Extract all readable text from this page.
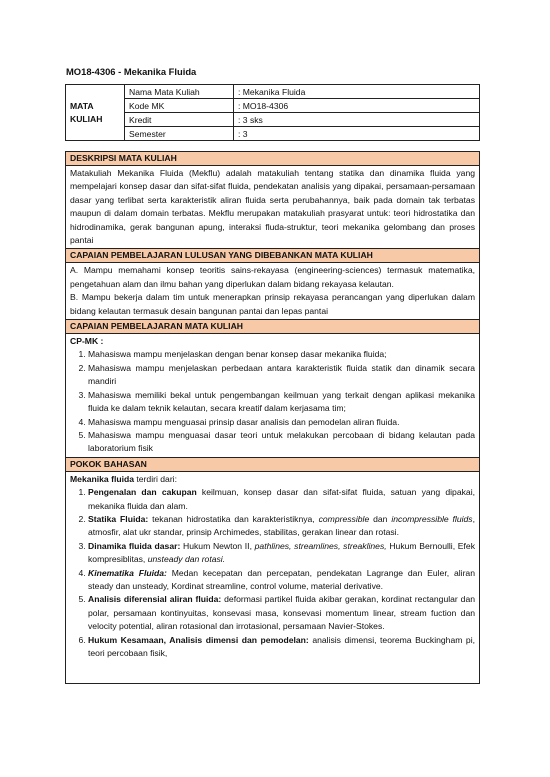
MO18-4306 - Mekanika Fluida
MATA
KULIAH	Nama Mata Kuliah	: Mekanika Fluida
	Kode MK	: MO18-4306
	Kredit	: 3 sks
	Semester	: 3
DESKRIPSI MATA KULIAH

Matakuliah Mekanika Fluida (Mekflu) adalah matakuliah tentang statika dan dinamika fluida yang mempelajari konsep dasar dan sifat-sifat fluida, pendekatan analisis yang dipakai, persamaan-persamaan dasar yang terlibat serta karakteristik aliran fluida serta perubahannya, baik pada domain tak terbatas maupun di dalam domain terbatas. Mekflu merupakan matakuliah prasyarat untuk: teori hidrostatika dan hidrodinamika, gerak bangunan apung, interaksi fluda-struktur, teori mekanika gelombang dan proses pantai

CAPAIAN PEMBELAJARAN LULUSAN YANG DIBEBANKAN MATA KULIAH

A. Mampu memahami konsep teoritis sains-rekayasa (engineering-sciences) termasuk matematika, pengetahuan alam dan ilmu bahan yang diperlukan dalam bidang rekayasa kelautan.

B. Mampu bekerja dalam tim untuk menerapkan prinsip rekayasa perancangan yang diperlukan dalam bidang kelautan termasuk desain bangunan pantai dan lepas pantai

CAPAIAN PEMBELAJARAN MATA KULIAH

CP-MK :

1. Mahasiswa mampu menjelaskan dengan benar konsep dasar mekanika fluida;
2. Mahasiswa mampu menjelaskan perbedaan antara karakteristik fluida statik dan dinamik secara mandiri
3. Mahasiswa memiliki bekal untuk pengembangan keilmuan yang terkait dengan aplikasi mekanika fluida ke dalam teknik kelautan, secara kreatif dalam kerjasama tim;
4. Mahasiswa mampu menguasai prinsip dasar analisis dan pemodelan aliran fluida.
5. Mahasiswa mampu menguasai dasar teori untuk melakukan percobaan di bidang kelautan pada laboratorium fisik
POKOK BAHASAN

Mekanika fluida terdiri dari:

1. Pengenalan dan cakupan keilmuan, konsep dasar dan sifat-sifat fluida, satuan yang dipakai, mekanika fluida dan alam.
2. Statika Fluida: tekanan hidrostatika dan karakteristiknya, compressible dan incompressible fluids, atmosfir, alat ukr standar, prinsip Archimedes, stabilitas, gerakan linear dan rotasi.
3. Dinamika fluida dasar: Hukum Newton II, pathlines, streamlines, streaklines, Hukum Bernoulli, Efek kompresiblitas, unsteady dan rotasi.
4. Kinematika Fluida: Medan kecepatan dan percepatan, pendekatan Lagrange dan Euler, aliran steady dan unsteady, Kordinat streamline, control volume, material derivative.
5. Analisis diferensial aliran fluida: deformasi partikel fluida akibar gerakan, kordinat rectangular dan polar, persamaan kontinyuitas, konsevasi masa, konsevasi momentum linear, stream fuction dan velocity potential, aliran rotasional dan irrotasional, persamaan Navier-Stokes.
6. Hukum Kesamaan, Analisis dimensi dan pemodelan: analisis dimensi, teorema Buckingham pi, teori percobaan fisik,
